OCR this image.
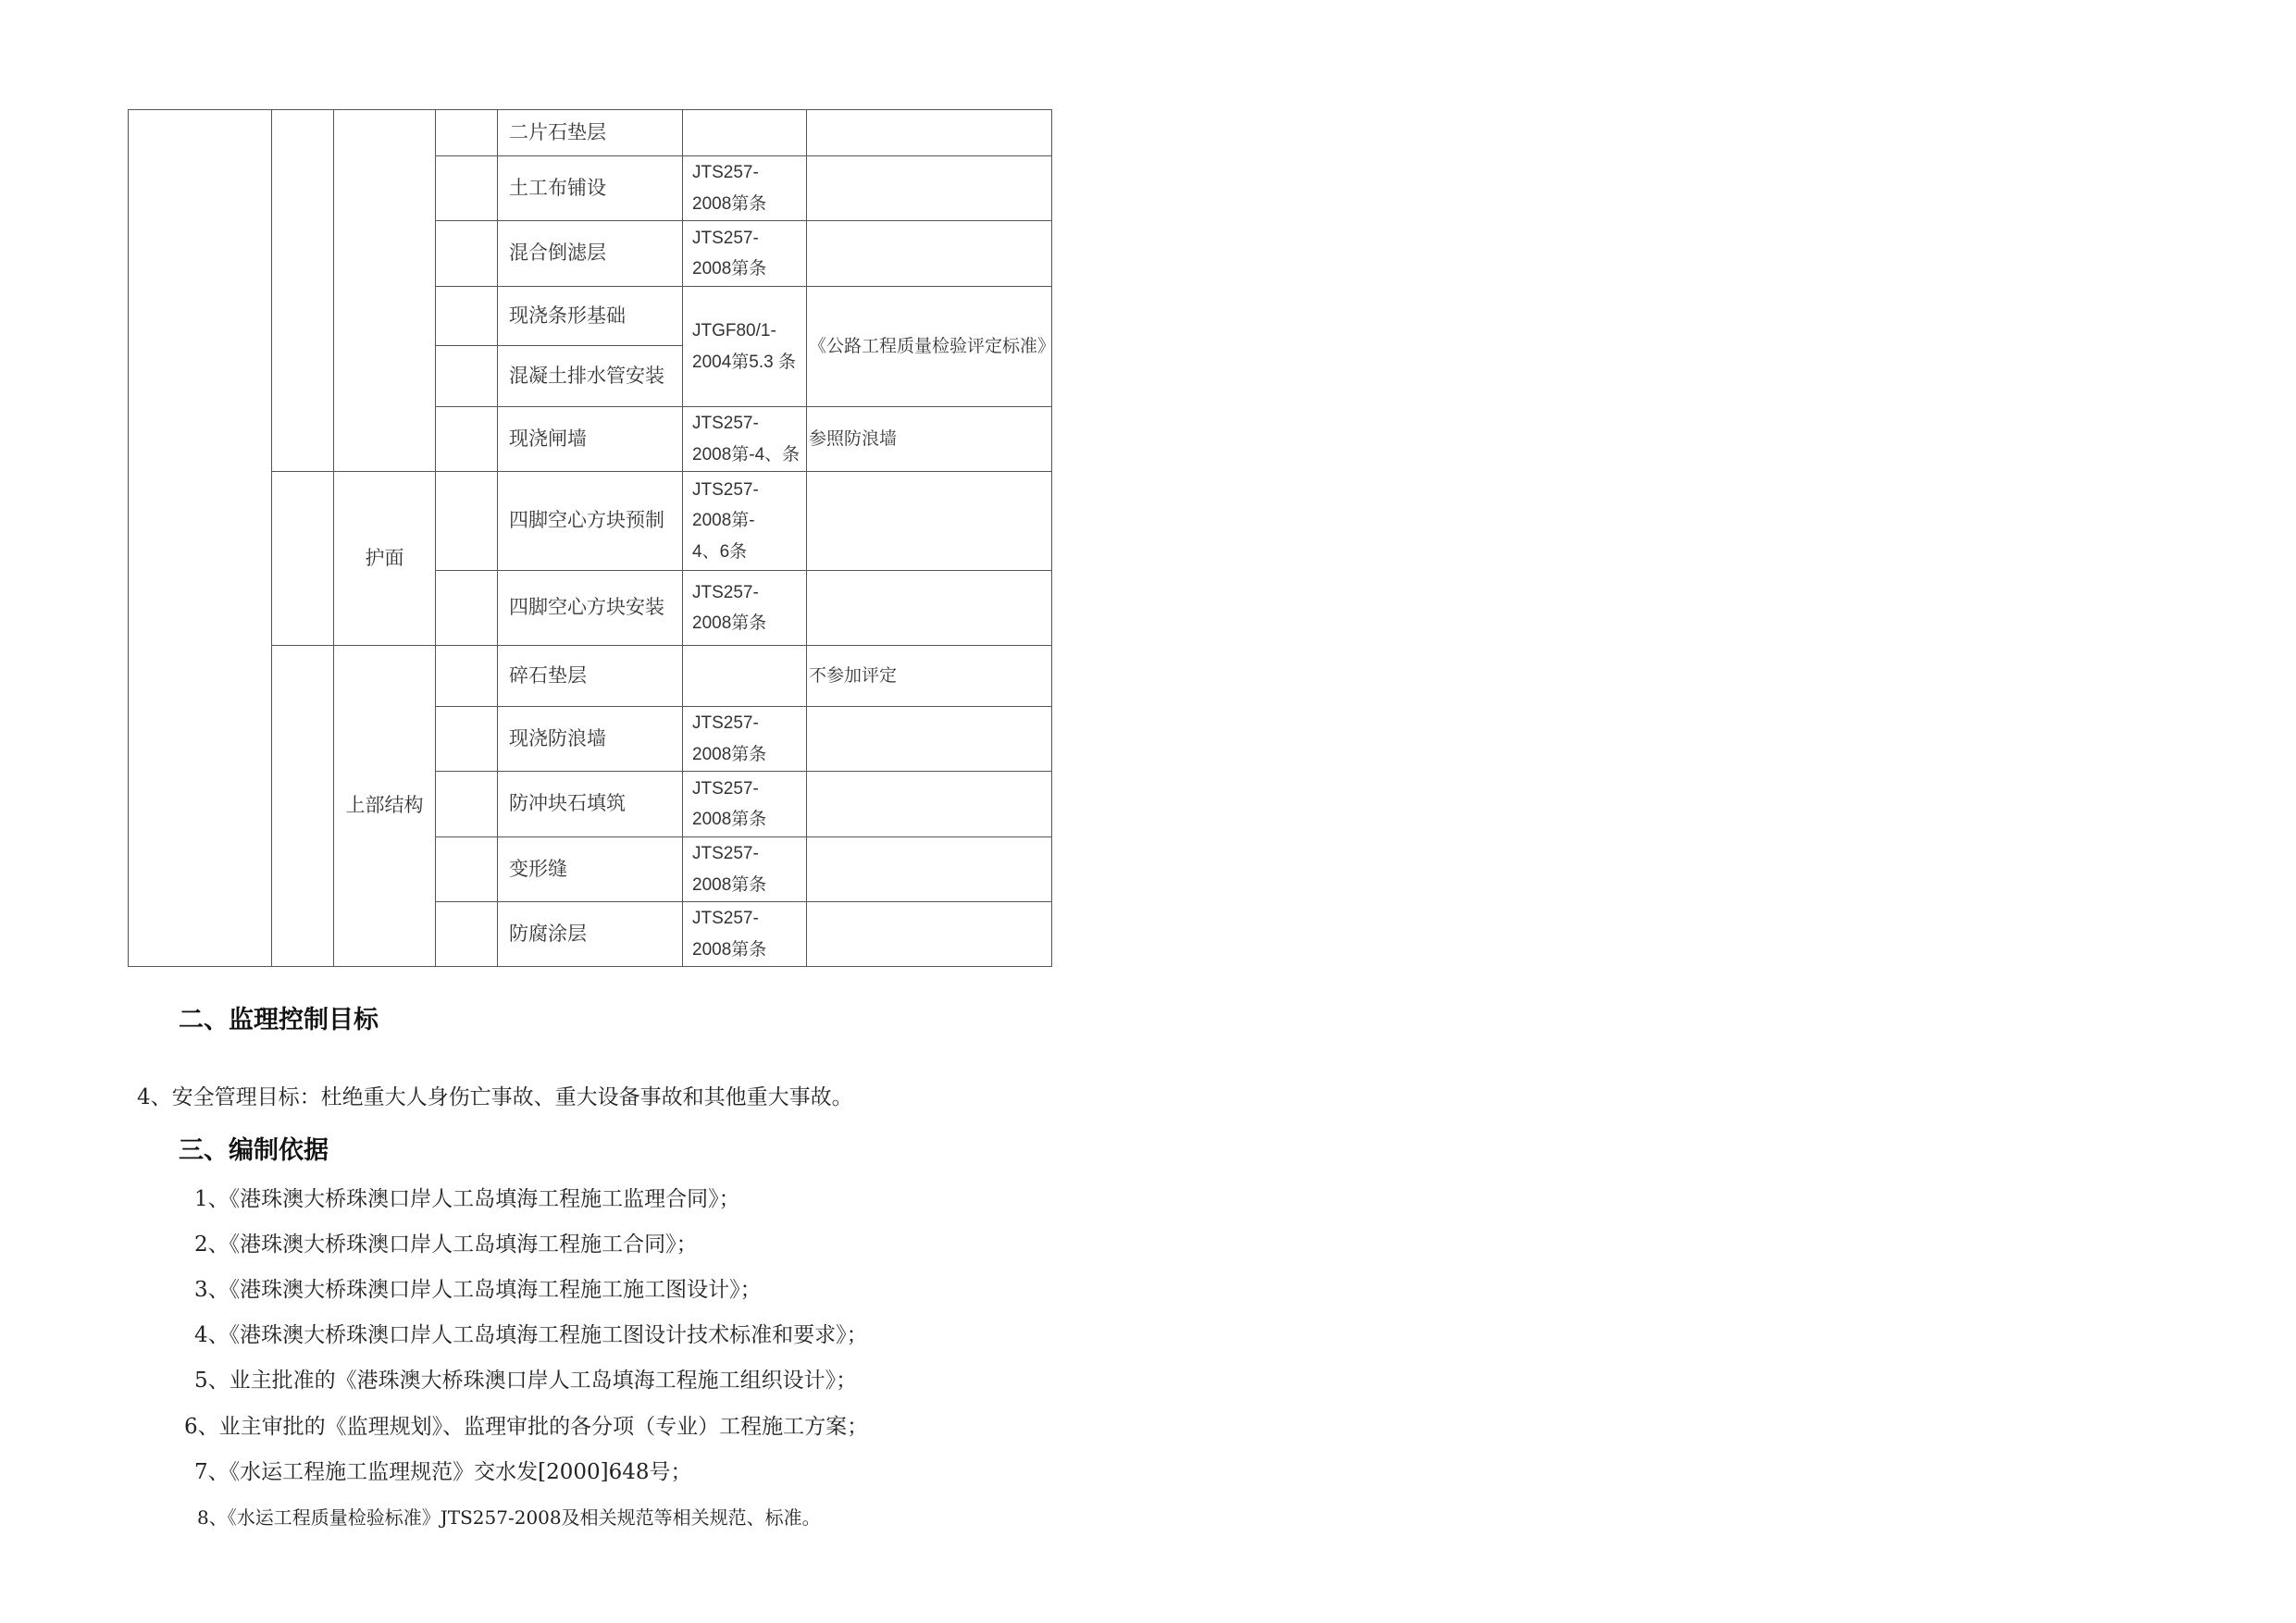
				二片石垫层		
				土工布铺设	JTS257-
2008第条	

				混合倒滤层	JTS257-
2008第条	

				现浇条形基础	JTGF80/1-
2004第5.3 条	《公路工程质量检验评定标准》
				混凝土排水管安装		
				现浇闸墙	JTS257-
2008第-4、条	参照防浪墙
		护面		四脚空心方块预制	JTS257-
2008第-
4、6条	

				四脚空心方块安装	JTS257-
2008第条	

		上部结构		碎石垫层		不参加评定
				现浇防浪墙	JTS257-
2008第条	

				防冲块石填筑	JTS257-
2008第条	

				变形缝	JTS257-
2008第条	

				防腐涂层	JTS257-
2008第条	

二、监理控制目标
4、安全管理目标：杜绝重大人身伤亡事故、重大设备事故和其他重大事故。
三、编制依据
1、《港珠澳大桥珠澳口岸人工岛填海工程施工监理合同》；
2、《港珠澳大桥珠澳口岸人工岛填海工程施工合同》；
3、《港珠澳大桥珠澳口岸人工岛填海工程施工施工图设计》；
4、《港珠澳大桥珠澳口岸人工岛填海工程施工图设计技术标准和要求》；
5、业主批准的《港珠澳大桥珠澳口岸人工岛填海工程施工组织设计》；
6、业主审批的《监理规划》、监理审批的各分项（专业）工程施工方案；
7、《水运工程施工监理规范》交水发[2000]648号；
8、《水运工程质量检验标准》JTS257-2008及相关规范等相关规范、标准。
